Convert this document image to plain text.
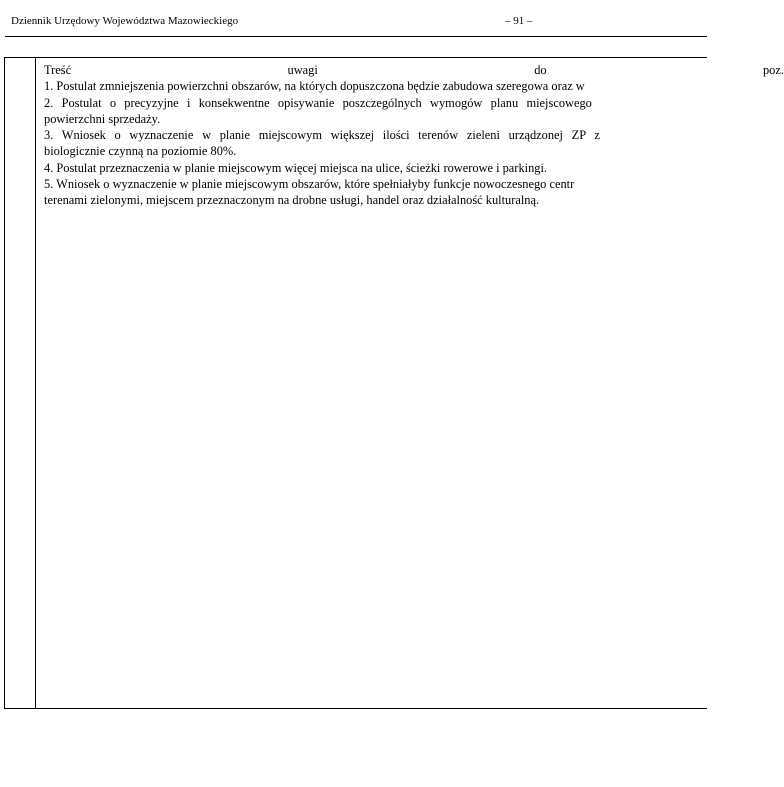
Dziennik Urzędowy Województwa Mazowieckiego	– 91 –
Treść	uwagi	do	poz.
1. Postulat zmniejszenia powierzchni obszarów, na których dopuszczona będzie zabudowa szeregowa oraz w
2. Postulat o precyzyjne i konsekwentne opisywanie poszczególnych wymogów planu miejscowego
powierzchni sprzedaży.
3. Wniosek o wyznaczenie w planie miejscowym większej ilości terenów zieleni urządzonej ZP z
biologicznie czynną na poziomie 80%.
4. Postulat przeznaczenia w planie miejscowym więcej miejsca na ulice, ścieżki rowerowe i parkingi.
5. Wniosek o wyznaczenie w planie miejscowym obszarów, które spełniałyby funkcje nowoczesnego centr
terenami zielonymi, miejscem przeznaczonym na drobne usługi, handel oraz działalność kulturalną.
